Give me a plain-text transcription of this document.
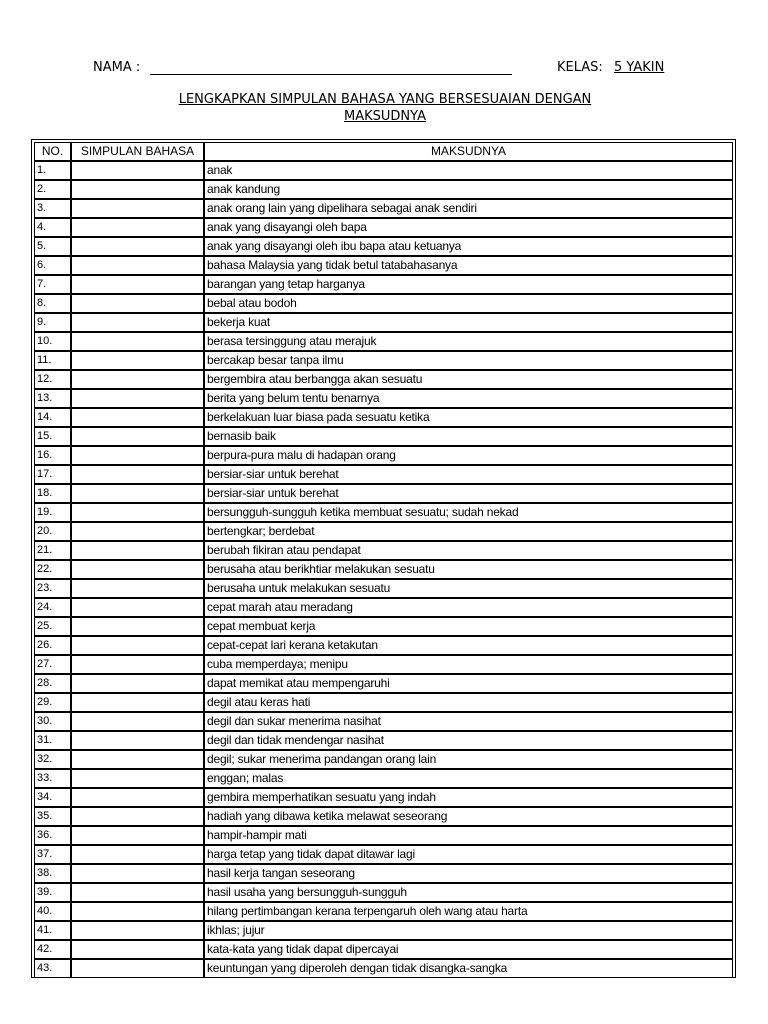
NAMA :	KELAS: 5 YAKIN
LENGKAPKAN SIMPULAN BAHASA YANG BERSESUAIAN DENGAN
MAKSUDNYA
NO.	SIMPULAN BAHASA	MAKSUDNYA
1.		anak
2.		anak kandung
3.		anak orang lain yang dipelihara sebagai anak sendiri
4.		anak yang disayangi oleh bapa
5.		anak yang disayangi oleh ibu bapa atau ketuanya
6.		bahasa Malaysia yang tidak betul tatabahasanya
7.		barangan yang tetap harganya
8.		bebal atau bodoh
9.		bekerja kuat
10.		berasa tersinggung atau merajuk
11.		bercakap besar tanpa ilmu
12.		bergembira atau berbangga akan sesuatu
13.		berita yang belum tentu benarnya
14.		berkelakuan luar biasa pada sesuatu ketika
15.		bernasib baik
16.		berpura-pura malu di hadapan orang
17.		bersiar-siar untuk berehat
18.		bersiar-siar untuk berehat
19.		bersungguh-sungguh ketika membuat sesuatu; sudah nekad
20.		bertengkar; berdebat
21.		berubah fikiran atau pendapat
22.		berusaha atau berikhtiar melakukan sesuatu
23.		berusaha untuk melakukan sesuatu
24.		cepat marah atau meradang
25.		cepat membuat kerja
26.		cepat-cepat lari kerana ketakutan
27.		cuba memperdaya; menipu
28.		dapat memikat atau mempengaruhi
29.		degil atau keras hati
30.		degil dan sukar menerima nasihat
31.		degil dan tidak mendengar nasihat
32.		degil; sukar menerima pandangan orang lain
33.		enggan; malas
34.		gembira memperhatikan sesuatu yang indah
35.		hadiah yang dibawa ketika melawat seseorang
36.		hampir-hampir mati
37.		harga tetap yang tidak dapat ditawar lagi
38.		hasil kerja tangan seseorang
39.		hasil usaha yang bersungguh-sungguh
40.		hilang pertimbangan kerana terpengaruh oleh wang atau harta
41.		ikhlas; jujur
42.		kata-kata yang tidak dapat dipercayai
43.		keuntungan yang diperoleh dengan tidak disangka-sangka
